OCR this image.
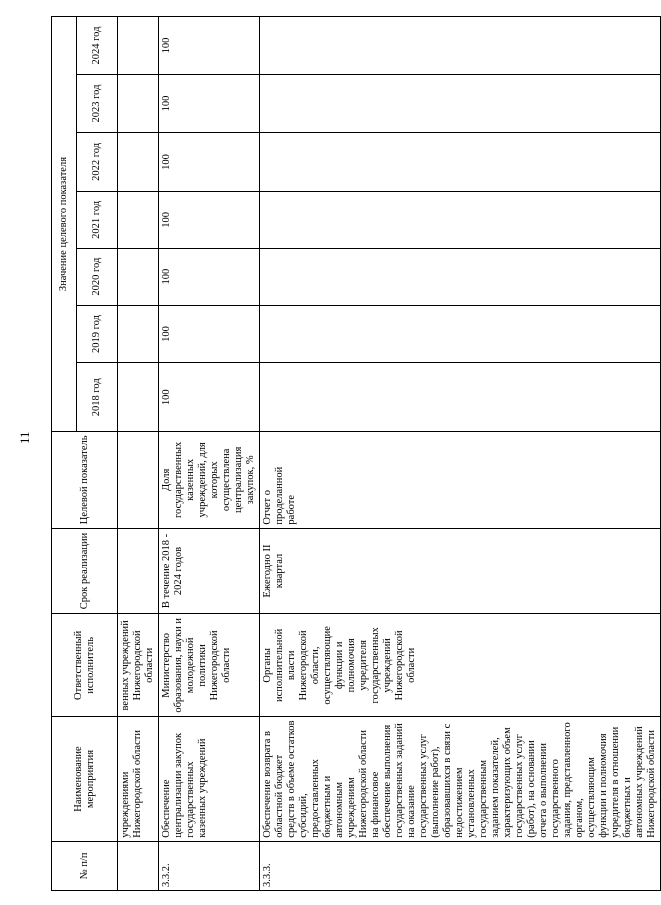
11
№ п/п	Наименование мероприятия	Ответственный исполнитель	Срок реализации	Целевой показатель	Значение целевого показателя						
					2018 год	2019 год	2020 год	2021 год	2022 год	2023 год	2024 год
	учреждениями Нижегородской области	венных учреждений Нижегородской области									
3.3.2.	Обеспечение централизации закупок государственных казенных учреждений	Министерство образования, науки и молодежной политики Нижегородской области	В течение 2018 - 2024 годов	Доля государственных казенных учреждений, для которых осуществлена централизация закупок, %	100	100	100	100	100	100	100
3.3.3.	Обеспечение возврата в областной бюджет средств в объеме остатков субсидий, предоставленных бюджетным и автономным учреждениям Нижегородской области на финансовое обеспечение выполнения государственных заданий на оказание государственных услуг (выполнение работ), образовавшихся в связи с недостижением установленных государственным заданием показателей, характеризующих объем государственных услуг (работ), на основании отчета о выполнении государственного задания, представленного органом, осуществляющим функции и полномочия учредителя в отношении бюджетных и автономных учреждений Нижегородской области	Органы исполнительной власти Нижегородской области, осуществляющие функции и полномочия учредителя государственных учреждений Нижегородской области	Ежегодно II квартал	Отчет о проделанной работе							
